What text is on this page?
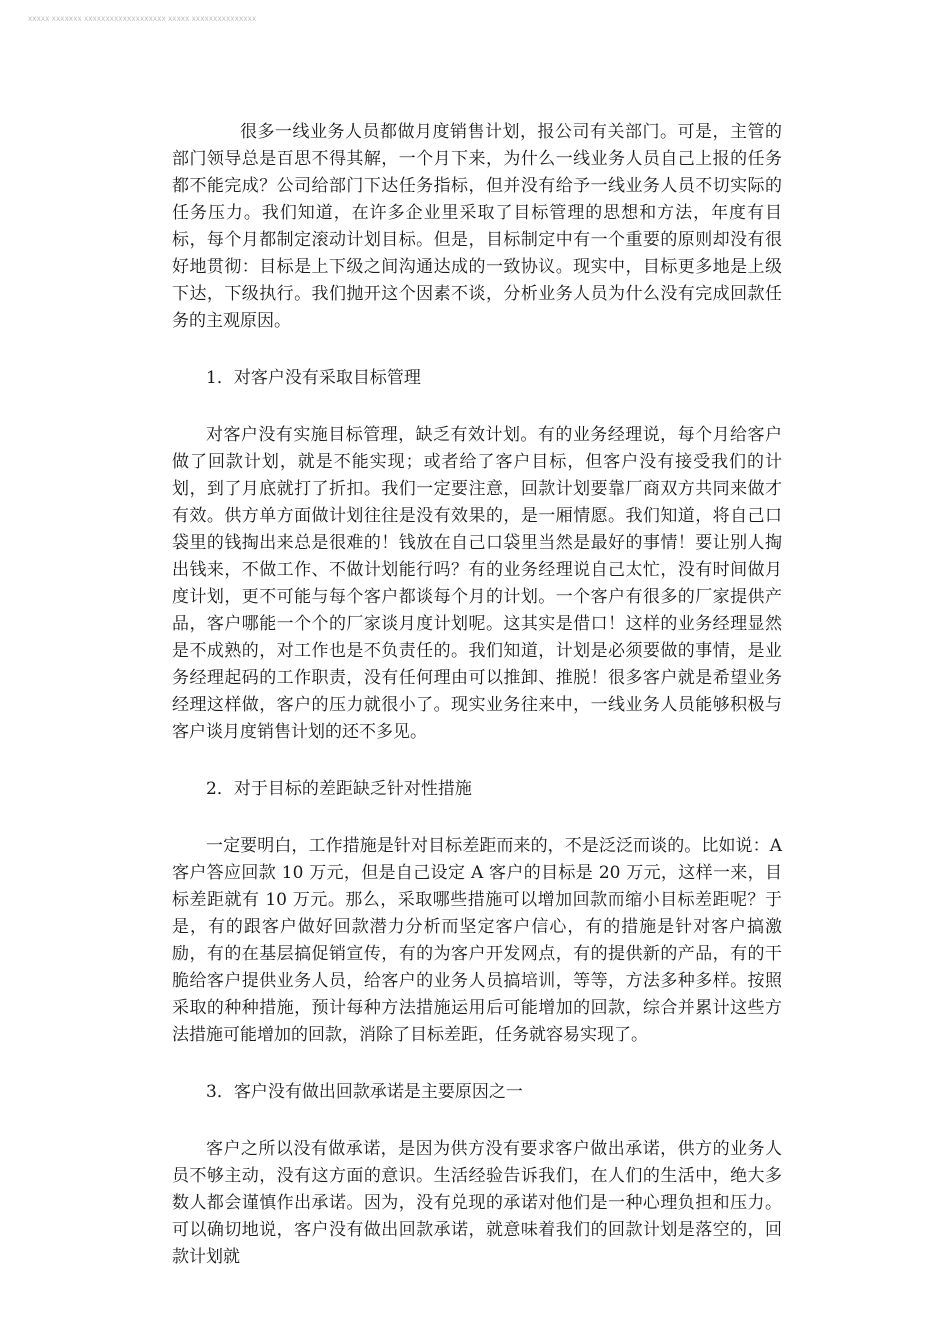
XXXXX XXXXXXX XXXXXXXXXXXXXXXXXXX XXXXX XXXXXXXXXXXXXXX

很多一线业务人员都做月度销售计划，报公司有关部门。可是，主管的部门领导总是百思不得其解，一个月下来，为什么一线业务人员自己上报的任务都不能完成？公司给部门下达任务指标，但并没有给予一线业务人员不切实际的任务压力。我们知道，在许多企业里采取了目标管理的思想和方法，年度有目标，每个月都制定滚动计划目标。但是，目标制定中有一个重要的原则却没有很好地贯彻：目标是上下级之间沟通达成的一致协议。现实中，目标更多地是上级下达，下级执行。我们抛开这个因素不谈，分析业务人员为什么没有完成回款任务的主观原因。

1．对客户没有采取目标管理

对客户没有实施目标管理，缺乏有效计划。有的业务经理说，每个月给客户做了回款计划，就是不能实现；或者给了客户目标，但客户没有接受我们的计划，到了月底就打了折扣。我们一定要注意，回款计划要靠厂商双方共同来做才有效。供方单方面做计划往往是没有效果的，是一厢情愿。我们知道，将自己口袋里的钱掏出来总是很难的！钱放在自己口袋里当然是最好的事情！要让别人掏出钱来，不做工作、不做计划能行吗？有的业务经理说自己太忙，没有时间做月度计划，更不可能与每个客户都谈每个月的计划。一个客户有很多的厂家提供产品，客户哪能一个个的厂家谈月度计划呢。这其实是借口！这样的业务经理显然是不成熟的，对工作也是不负责任的。我们知道，计划是必须要做的事情，是业务经理起码的工作职责，没有任何理由可以推卸、推脱！很多客户就是希望业务经理这样做，客户的压力就很小了。现实业务往来中，一线业务人员能够积极与客户谈月度销售计划的还不多见。

2．对于目标的差距缺乏针对性措施

一定要明白，工作措施是针对目标差距而来的，不是泛泛而谈的。比如说：A 客户答应回款 10 万元，但是自己设定 A 客户的目标是 20 万元，这样一来，目标差距就有 10 万元。那么，采取哪些措施可以增加回款而缩小目标差距呢？于是，有的跟客户做好回款潜力分析而坚定客户信心，有的措施是针对客户搞激励，有的在基层搞促销宣传，有的为客户开发网点，有的提供新的产品，有的干脆给客户提供业务人员，给客户的业务人员搞培训，等等，方法多种多样。按照采取的种种措施，预计每种方法措施运用后可能增加的回款，综合并累计这些方法措施可能增加的回款，消除了目标差距，任务就容易实现了。

3．客户没有做出回款承诺是主要原因之一

客户之所以没有做承诺，是因为供方没有要求客户做出承诺，供方的业务人员不够主动，没有这方面的意识。生活经验告诉我们，在人们的生活中，绝大多数人都会谨慎作出承诺。因为，没有兑现的承诺对他们是一种心理负担和压力。可以确切地说，客户没有做出回款承诺，就意味着我们的回款计划是落空的，回款计划就
